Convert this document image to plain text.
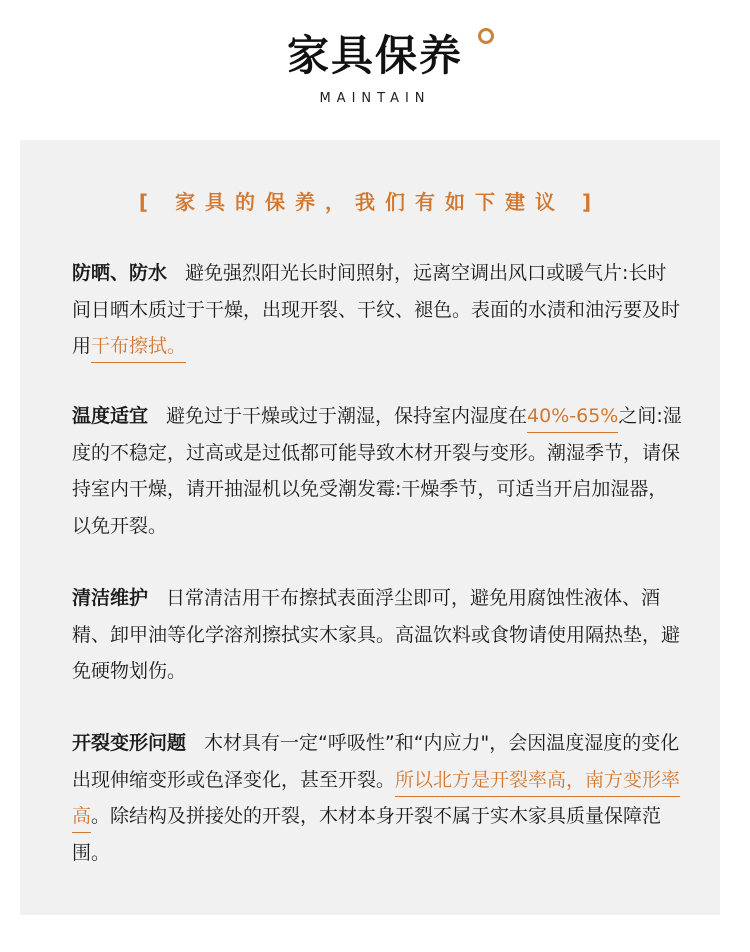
家具保养
MAINTAIN
[ 家具的保养，我们有如下建议 ]
防晒、防水 避免强烈阳光长时间照射，远离空调出风口或暖气片:长时间日晒木质过于干燥，出现开裂、干纹、褪色。表面的水渍和油污要及时用干布擦拭。
温度适宜 避免过于干燥或过于潮湿，保持室内湿度在40%-65%之间:湿度的不稳定，过高或是过低都可能导致木材开裂与变形。潮湿季节，请保持室内干燥，请开抽湿机以免受潮发霉:干燥季节，可适当开启加湿器，以免开裂。
清洁维护 日常清洁用干布擦拭表面浮尘即可，避免用腐蚀性液体、酒精、卸甲油等化学溶剂擦拭实木家具。高温饮料或食物请使用隔热垫，避免硬物划伤。
开裂变形问题 木材具有一定“呼吸性”和“内应力"，会因温度湿度的变化出现伸缩变形或色泽变化，甚至开裂。所以北方是开裂率高，南方变形率高。除结构及拼接处的开裂，木材本身开裂不属于实木家具质量保障范围。
